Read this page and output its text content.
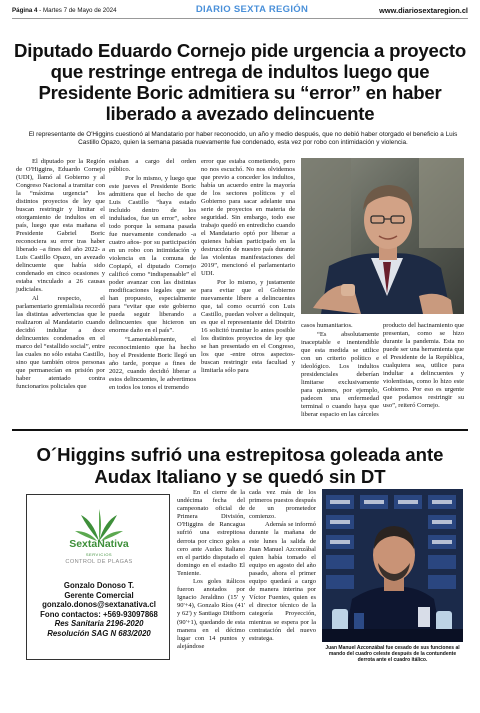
Página 4 - Martes 7 de Mayo de 2024	DIARIO SEXTA REGIÓN	www.diariosextaregion.cl
Diputado Eduardo Cornejo pide urgencia a proyecto que restringe entrega de indultos luego que Presidente Boric admitiera su “error” en haber liberado a avezado delincuente

El representante de O'Higgins cuestionó al Mandatario por haber reconocido, un año y medio después, que no debió haber otorgado el beneficio a Luis Castillo Opazo, quien la semana pasada nuevamente fue condenado, esta vez por robo con intimidación y violencia.

El diputado por la Región de O'Higgins, Eduardo Cornejo (UDI), llamó al Gobierno y al Congreso Nacional a tramitar con la “máxima urgencia” los distintos proyectos de ley que buscan restringir y limitar el otorgamiento de indultos en el país, luego que esta mañana el Presidente Gabriel Boric reconociera su error tras haber liberado –a fines del año 2022- a Luis Castillo Opazo, un avezado delincuente que había sido condenado en cinco ocasiones y estaba vinculado a 26 causas judiciales.

Al respecto, el parlamentario gremialista recordó las distintas advertencias que le realizaron al Mandatario cuando decidió indultar a doce delincuentes condenados en el marco del “estallido social”, entre las cuales no sólo estaba Castillo, sino que también otros personas que permanecían en prisión por haber atentado contra funcionarios policiales que

estaban a cargo del orden público.

Por lo mismo, y luego que este jueves el Presidente Boric admitiera que el hecho de que Luis Castillo “haya estado incluido dentro de los indultados, fue un error”, sobre todo porque la semana pasada fue nuevamente condenado -a cuatro años- por su participación en un robo con intimidación y violencia en la comuna de Copiapó, el diputado Cornejo calificó como “indispensable” el poder avanzar con las distintas modificaciones legales que se han propuesto, especialmente para “evitar que este gobierno pueda seguir liberando a delincuentes que hicieron un enorme daño en el país”.

“Lamentablemente, el reconocimiento que ha hecho hoy el Presidente Boric llegó un año tarde, porque a fines de 2022, cuando decidió liberar a estos delincuentes, le advertimos en todos los tonos el tremendo

error que estaba cometiendo, pero no nos escuchó. No nos olvidemos que previo a conceder los indultos, había un acuerdo entre la mayoría de los sectores políticos y el Gobierno para sacar adelante una serie de proyectos en materia de seguridad. Sin embargo, todo ese trabajo quedó en entredicho cuando el Mandatario optó por liberar a quienes habían participado en la destrucción de nuestro país durante las violentas manifestaciones del 2019”, mencionó el parlamentario UDI.

Por lo mismo, y justamente para evitar que el Gobierno nuevamente libere a delincuentes que, tal como ocurrió con Luis Castillo, puedan volver a delinquir, es que el representante del Distrito 16 solicitó tramitar lo antes posible los distintos proyectos de ley que se han presentado en el Congreso, los que -entre otros aspectos- buscan restringir esta facultad y limitarla sólo para

casos humanitarios.

“Es absolutamente inaceptable e inentendible que esta medida se utilice con un criterio político e ideológico. Los indultos presidenciales deberían limitarse exclusivamente para quienes, por ejemplo, padecen una enfermedad terminal o cuando haya que liberar espacio en las cárceles

producto del hacinamiento que presentan, como se hizo durante la pandemia. Esta no puede ser una herramienta que el Presidente de la República, cualquiera sea, utilice para indultar a delincuentes y violentistas, como lo hizo este Gobierno. Por eso es urgente que podamos restringir su uso”, reiteró Cornejo.

O´Higgins sufrió una estrepitosa goleada ante Audax Italiano y se quedó sin DT
SextaNativa
SERVICIOS
CONTROL DE PLAGAS
Gonzalo Donoso T.
Gerente Comercial
gonzalo.donos@sextanativa.cl
Fono contactos: +569-93097868
Res Sanitaria 2196-2020
Resolución SAG N 683/2020

En el cierre de la undécima fecha del campeonato oficial de Primera División, O'Higgins de Rancagua sufrió una estrepitosa derrota por cinco goles a cero ante Audax Italiano en el partido disputado el domingo en el estadio El Teniente.

Los goles itálicos fueron anotados por Ignacio Jeraldino (15' y 90'+4), Gonzalo Ríos (41' y 62') y Santiago Dittborn (90'+1), quedando de esta manera en el décimo lugar con 14 puntos y alejándose

cada vez más de los primeros puestos después de un prometedor comienzo.

Además se informó durante la mañana de este lunes la salida de Juan Manuel Azconzábal quien había tomado el equipo en agosto del año pasado, ahora el primer equipo quedará a cargo de manera interina por Víctor Fuentes, quien es el director técnico de la categoría Proyección, mientras se espera por la contratación del nuevo estratega.

Juan Manuel Azconzábal fue cesado de sus funciones al mando del cuadro celeste después de la contundente derrota ante el cuadro itálico.
